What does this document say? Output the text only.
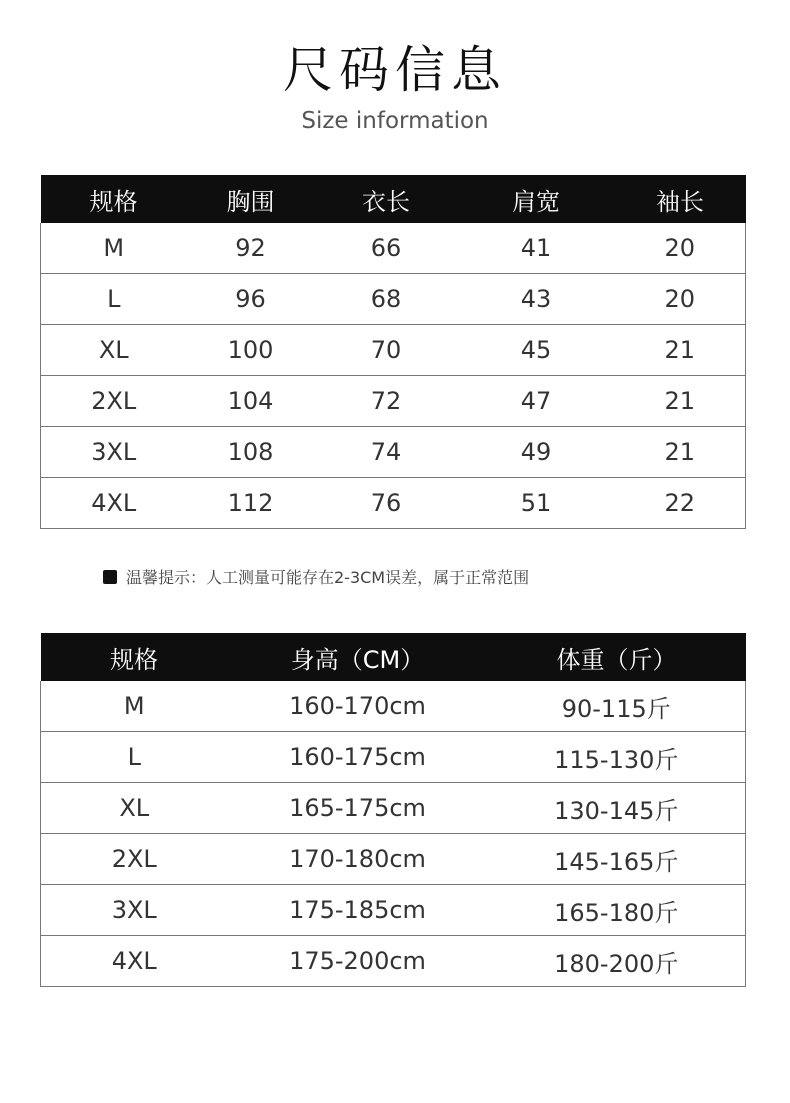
尺码信息
Size information
规格	胸围	衣长	肩宽	袖长
M	92	66	41	20
L	96	68	43	20
XL	100	70	45	21
2XL	104	72	47	21
3XL	108	74	49	21
4XL	112	76	51	22
温馨提示：人工测量可能存在2-3CM误差，属于正常范围
规格	身高（CM）	体重（斤）
M	160-170cm	90-115斤
L	160-175cm	115-130斤
XL	165-175cm	130-145斤
2XL	170-180cm	145-165斤
3XL	175-185cm	165-180斤
4XL	175-200cm	180-200斤
